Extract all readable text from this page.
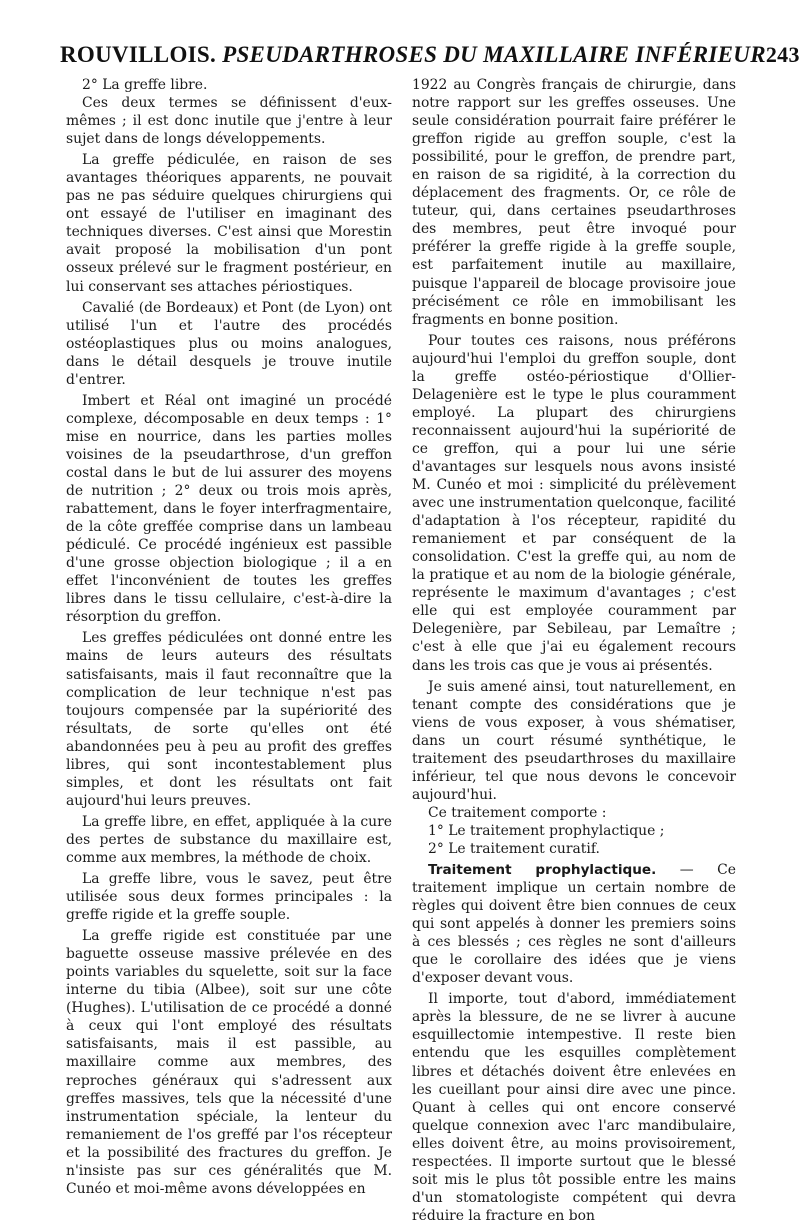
ROUVILLOIS. PSEUDARTHROSES DU MAXILLAIRE INFÉRIEUR 243

2° La greffe libre.

Ces deux termes se définissent d'eux-mêmes ; il est donc inutile que j'entre à leur sujet dans de longs développements.

La greffe pédiculée, en raison de ses avantages théoriques apparents, ne pouvait pas ne pas séduire quelques chirurgiens qui ont essayé de l'utiliser en imaginant des techniques diverses. C'est ainsi que Morestin avait proposé la mobilisation d'un pont osseux prélevé sur le fragment postérieur, en lui conservant ses attaches périostiques.

Cavalié (de Bordeaux) et Pont (de Lyon) ont utilisé l'un et l'autre des procédés ostéoplastiques plus ou moins analogues, dans le détail desquels je trouve inutile d'entrer.

Imbert et Réal ont imaginé un procédé complexe, décomposable en deux temps : 1° mise en nourrice, dans les parties molles voisines de la pseudarthrose, d'un greffon costal dans le but de lui assurer des moyens de nutrition ; 2° deux ou trois mois après, rabattement, dans le foyer interfragmentaire, de la côte greffée comprise dans un lambeau pédiculé. Ce procédé ingénieux est passible d'une grosse objection biologique ; il a en effet l'inconvénient de toutes les greffes libres dans le tissu cellulaire, c'est-à-dire la résorption du greffon.

Les greffes pédiculées ont donné entre les mains de leurs auteurs des résultats satisfaisants, mais il faut reconnaître que la complication de leur technique n'est pas toujours compensée par la supériorité des résultats, de sorte qu'elles ont été abandonnées peu à peu au profit des greffes libres, qui sont incontestablement plus simples, et dont les résultats ont fait aujourd'hui leurs preuves.

La greffe libre, en effet, appliquée à la cure des pertes de substance du maxillaire est, comme aux membres, la méthode de choix.

La greffe libre, vous le savez, peut être utilisée sous deux formes principales : la greffe rigide et la greffe souple.

La greffe rigide est constituée par une baguette osseuse massive prélevée en des points variables du squelette, soit sur la face interne du tibia (Albee), soit sur une côte (Hughes). L'utilisation de ce procédé a donné à ceux qui l'ont employé des résultats satisfaisants, mais il est passible, au maxillaire comme aux membres, des reproches généraux qui s'adressent aux greffes massives, tels que la nécessité d'une instrumentation spéciale, la lenteur du remaniement de l'os greffé par l'os récepteur et la possibilité des fractures du greffon. Je n'insiste pas sur ces généralités que M. Cunéo et moi-même avons développées en

1922 au Congrès français de chirurgie, dans notre rapport sur les greffes osseuses. Une seule considération pourrait faire préférer le greffon rigide au greffon souple, c'est la possibilité, pour le greffon, de prendre part, en raison de sa rigidité, à la correction du déplacement des fragments. Or, ce rôle de tuteur, qui, dans certaines pseudarthroses des membres, peut être invoqué pour préférer la greffe rigide à la greffe souple, est parfaitement inutile au maxillaire, puisque l'appareil de blocage provisoire joue précisément ce rôle en immobilisant les fragments en bonne position.

Pour toutes ces raisons, nous préférons aujourd'hui l'emploi du greffon souple, dont la greffe ostéo-périostique d'Ollier-Delagenière est le type le plus couramment employé. La plupart des chirurgiens reconnaissent aujourd'hui la supériorité de ce greffon, qui a pour lui une série d'avantages sur lesquels nous avons insisté M. Cunéo et moi : simplicité du prélèvement avec une instrumentation quelconque, facilité d'adaptation à l'os récepteur, rapidité du remaniement et par conséquent de la consolidation. C'est la greffe qui, au nom de la pratique et au nom de la biologie générale, représente le maximum d'avantages ; c'est elle qui est employée couramment par Delegenière, par Sebileau, par Lemaître ; c'est à elle que j'ai eu également recours dans les trois cas que je vous ai présentés.

Je suis amené ainsi, tout naturellement, en tenant compte des considérations que je viens de vous exposer, à vous shématiser, dans un court résumé synthétique, le traitement des pseudarthroses du maxillaire inférieur, tel que nous devons le concevoir aujourd'hui.

Ce traitement comporte :

1° Le traitement prophylactique ;

2° Le traitement curatif.

Traitement prophylactique. — Ce traitement implique un certain nombre de règles qui doivent être bien connues de ceux qui sont appelés à donner les premiers soins à ces blessés ; ces règles ne sont d'ailleurs que le corollaire des idées que je viens d'exposer devant vous.

Il importe, tout d'abord, immédiatement après la blessure, de ne se livrer à aucune esquillectomie intempestive. Il reste bien entendu que les esquilles complètement libres et détachés doivent être enlevées en les cueillant pour ainsi dire avec une pince. Quant à celles qui ont encore conservé quelque connexion avec l'arc mandibulaire, elles doivent être, au moins provisoirement, respectées. Il importe surtout que le blessé soit mis le plus tôt possible entre les mains d'un stomatologiste compétent qui devra réduire la fracture en bon
